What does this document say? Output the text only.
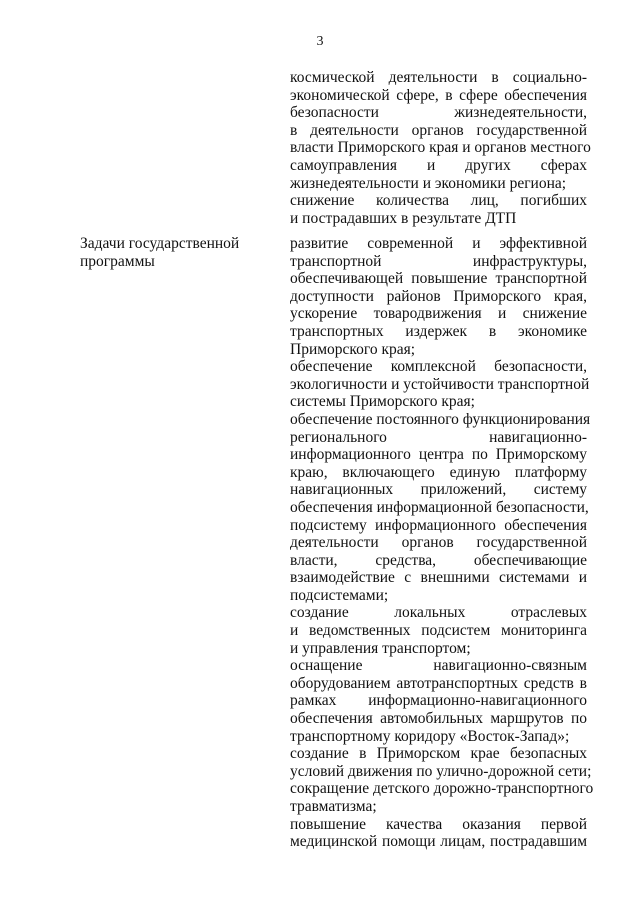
3
космической деятельности в социально-
экономической сфере, в сфере обеспечения
безопасности жизнедеятельности,
в деятельности органов государственной
власти Приморского края и органов местного
самоуправления и других сферах
жизнедеятельности и экономики региона;
снижение количества лиц, погибших
и пострадавших в результате ДТП
Задачи государственной
программы
развитие современной и эффективной
транспортной инфраструктуры,
обеспечивающей повышение транспортной
доступности районов Приморского края,
ускорение товародвижения и снижение
транспортных издержек в экономике
Приморского края;
обеспечение комплексной безопасности,
экологичности и устойчивости транспортной
системы Приморского края;
обеспечение постоянного функционирования
регионального навигационно-
информационного центра по Приморскому
краю, включающего единую платформу
навигационных приложений, систему
обеспечения информационной безопасности,
подсистему информационного обеспечения
деятельности органов государственной
власти, средства, обеспечивающие
взаимодействие с внешними системами и
подсистемами;
создание локальных отраслевых
и ведомственных подсистем мониторинга
и управления транспортом;
оснащение навигационно-связным
оборудованием автотранспортных средств в
рамках информационно-навигационного
обеспечения автомобильных маршрутов по
транспортному коридору «Восток-Запад»;
создание в Приморском крае безопасных
условий движения по улично-дорожной сети;
сокращение детского дорожно-транспортного
травматизма;
повышение качества оказания первой
медицинской помощи лицам, пострадавшим
